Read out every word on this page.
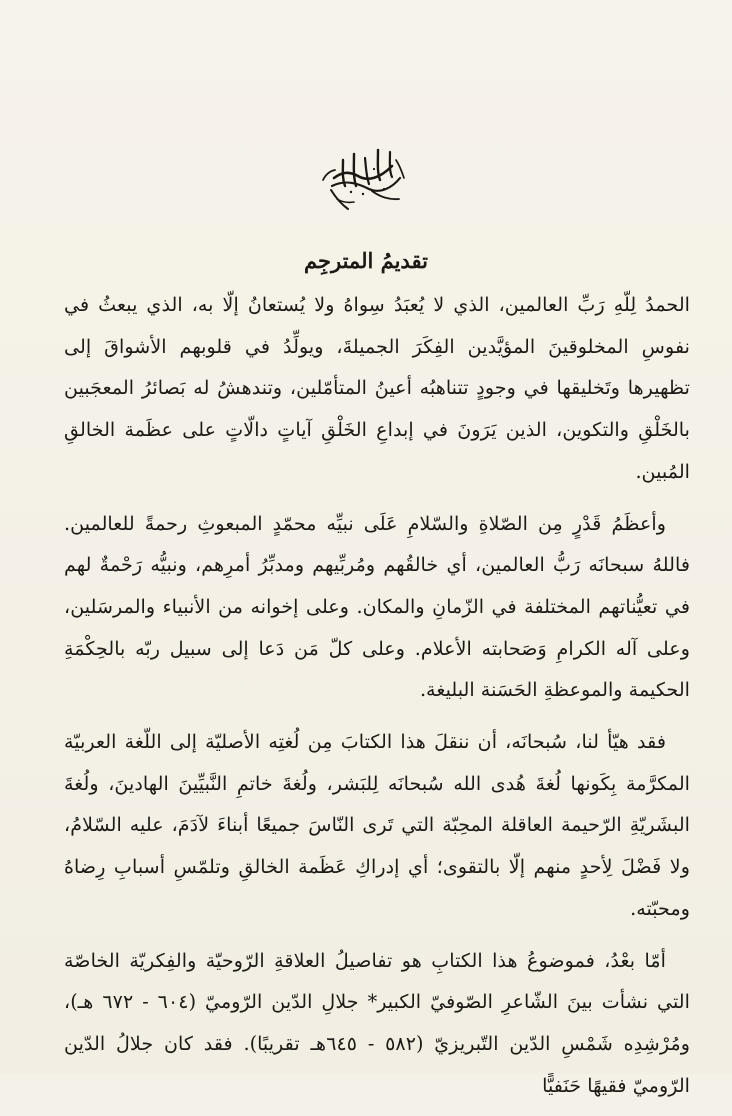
تقديمُ المترجِم

الحمدُ لِلّهِ رَبِّ العالمين، الذي لا يُعبَدُ سِواهُ ولا يُستعانُ إلّا به، الذي يبعثُ في نفوسِ المخلوقينَ المؤيَّدين الفِكَرَ الجميلةَ، ويولِّدُ في قلوبهم الأشواقَ إلى تظهيرها وتَخليقها في وجودٍ تتناهبُه أعينُ المتأمّلين، وتندهشُ له بَصائرُ المعجَبين بالخَلْقِ والتكوين، الذين يَرَونَ في إبداعِ الخَلْقِ آياتٍ دالّاتٍ على عظَمة الخالقِ المُبين.

وأعظَمُ قَدْرٍ مِن الصّلاةِ والسّلامِ عَلَى نبيِّه محمّدٍ المبعوثِ رحمةً للعالمين. فاللهُ سبحانَه رَبُّ العالمين، أي خالقُهم ومُربِّيهم ومدبِّرُ أمرِهم، ونبيُّه رَحْمةٌ لهم في تعيُّناتهم المختلفة في الزّمانِ والمكان. وعلى إخوانه من الأنبياء والمرسَلين، وعلى آله الكرامِ وَصَحابته الأعلام. وعلى كلّ مَن دَعا إلى سبيل ربّه بالحِكْمَةِ الحكيمة والموعظةِ الحَسَنة البليغة.

فقد هيّأ لنا، سُبحانَه، أن ننقلَ هذا الكتابَ مِن لُغتِه الأصليّة إلى اللّغة العربيّة المكرَّمة بِكَونها لُغةَ هُدى الله سُبحانَه لِلبَشر، ولُغةَ خاتمِ النَّبيِّينَ الهادينَ، ولُغةَ البشَريّةِ الرّحيمة العاقلة المحِبّة التي تَرى النّاسَ جميعًا أبناءَ لآدَمَ، عليه السّلامُ، ولا فَضْلَ لِأحدٍ منهم إلّا بالتقوى؛ أي إدراكِ عَظَمة الخالقِ وتلمّسِ أسبابِ رِضاهُ ومحبّته.

أمّا بعْدُ، فموضوعُ هذا الكتابِ هو تفاصيلُ العلاقةِ الرّوحيّة والفِكريّة الخاصّة التي نشأت بينَ الشّاعرِ الصّوفيّ الكبير* جلالِ الدّين الرّوميّ (٦٠٤ - ٦٧٢ هـ)، ومُرْشِدِه شَمْسِ الدّين التّبريزيّ (٥٨٢ - ٦٤٥هـ تقريبًا). فقد كان جلالُ الدّين الرّوميّ فقيهًا حَنَفيًّا
